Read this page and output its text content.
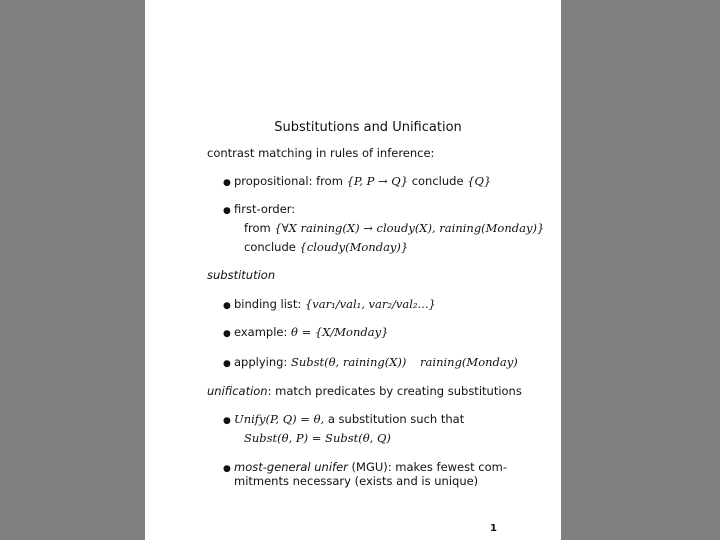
Substitutions and Unification
contrast matching in rules of inference:
● propositional: from {P, P → Q} conclude {Q}
● first-order:
from {∀X raining(X) → cloudy(X), raining(Monday)}
conclude {cloudy(Monday)}
substitution
● binding list: {var₁/val₁, var₂/val₂...}
● example: θ = {X/Monday}
● applying: Subst(θ, raining(X)) raining(Monday)
unification: match predicates by creating substitutions
● Unify(P, Q) = θ, a substitution such that
Subst(θ, P) = Subst(θ, Q)
● most-general unifer (MGU): makes fewest com-
mitments necessary (exists and is unique)
1
